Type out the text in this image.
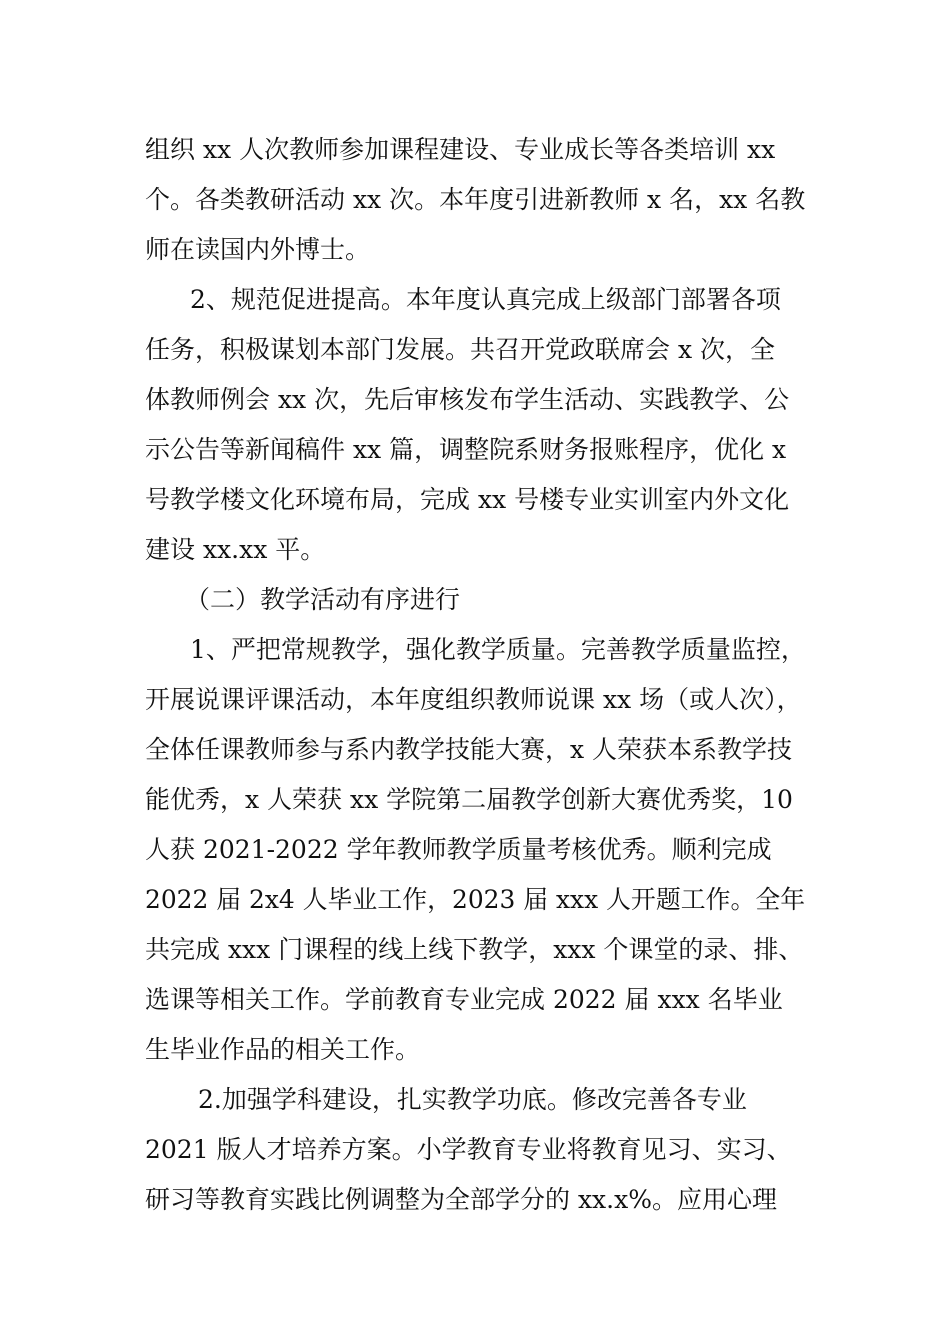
组织 xx 人次教师参加课程建设、专业成长等各类培训 xx
个。各类教研活动 xx 次。本年度引进新教师 x 名，xx 名教
师在读国内外博士。
2、规范促进提高。本年度认真完成上级部门部署各项
任务，积极谋划本部门发展。共召开党政联席会 x 次，全
体教师例会 xx 次，先后审核发布学生活动、实践教学、公
示公告等新闻稿件 xx 篇，调整院系财务报账程序，优化 x
号教学楼文化环境布局，完成 xx 号楼专业实训室内外文化
建设 xx.xx 平。
（二）教学活动有序进行
1、严把常规教学，强化教学质量。完善教学质量监控，
开展说课评课活动，本年度组织教师说课 xx 场（或人次），
全体任课教师参与系内教学技能大赛，x 人荣获本系教学技
能优秀，x 人荣获 xx 学院第二届教学创新大赛优秀奖，10
人获 2021-2022 学年教师教学质量考核优秀。顺利完成
2022 届 2x4 人毕业工作，2023 届 xxx 人开题工作。全年
共完成 xxx 门课程的线上线下教学，xxx 个课堂的录、排、
选课等相关工作。学前教育专业完成 2022 届 xxx 名毕业
生毕业作品的相关工作。
2.加强学科建设，扎实教学功底。修改完善各专业
2021 版人才培养方案。小学教育专业将教育见习、实习、
研习等教育实践比例调整为全部学分的 xx.x%。应用心理
